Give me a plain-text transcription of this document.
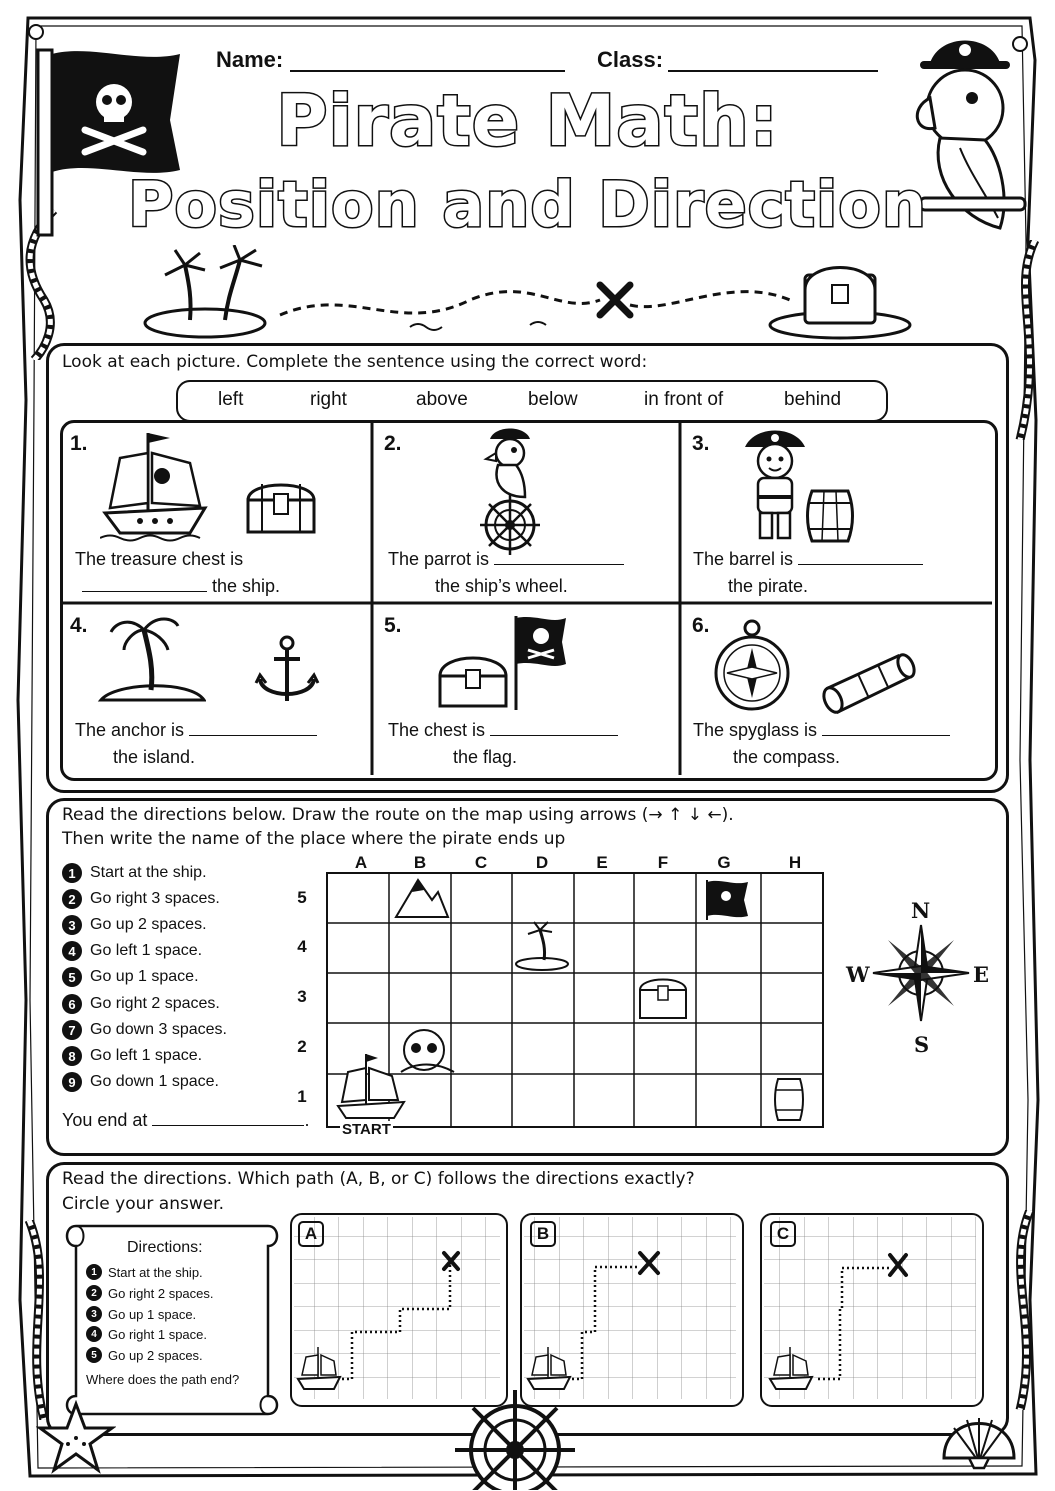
Name:	Class:
Pirate Math:
Position and Direction
Look at each picture. Complete the sentence using the correct word:
left	right	above	below	in front of	behind
1.
The treasure chest is
the ship.
2.
The parrot is
the ship’s wheel.
3.
The barrel is
the pirate.
4.
The anchor is
the island.
5.
The chest is
the flag.
6.
The spyglass is
the compass.
Read the directions below. Draw the route on the map using arrows (→ ↑ ↓ ←).
Then write the name of the place where the pirate ends up
1 Start at the ship.
2 Go right 3 spaces.
3 Go up 2 spaces.
4 Go left 1 space.
5 Go up 1 space.
6 Go right 2 spaces.
7 Go down 3 spaces.
8 Go left 1 space.
9 Go down 1 space.
You end at	.
A	B	C	D	E	F	G	H
5
4
3
2
1
START
N
S
W	E
Read the directions. Which path (A, B, or C) follows the directions exactly?
Circle your answer.
Directions:
1 Start at the ship.
2 Go right 2 spaces.
3 Go up 1 space.
4 Go right 1 space.
5 Go up 2 spaces.
Where does the path end?
A	B	C
